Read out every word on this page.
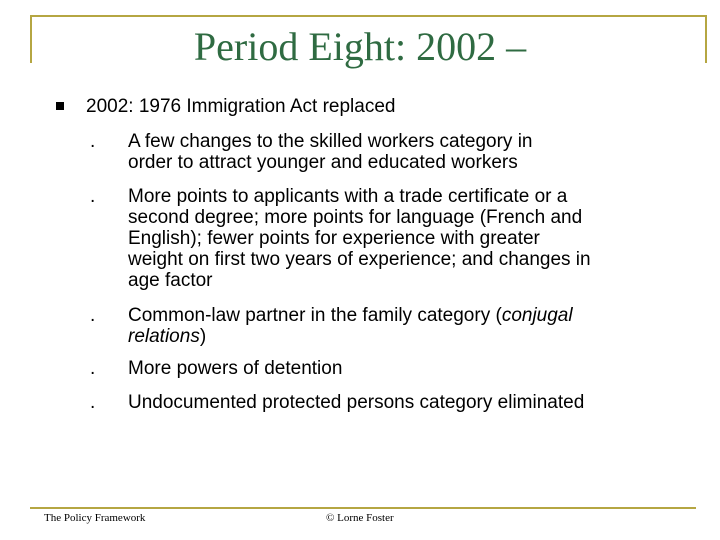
Period Eight: 2002 –
2002: 1976 Immigration Act replaced
. A few changes to the skilled workers category in
order to attract younger and educated workers
. More points to applicants with a trade certificate or a
second degree; more points for language (French and
English); fewer points for experience with greater
weight on first two years of experience; and changes in
age factor
. Common-law partner in the family category (conjugal
relations)
. More powers of detention
. Undocumented protected persons category eliminated
The Policy Framework	© Lorne Foster
